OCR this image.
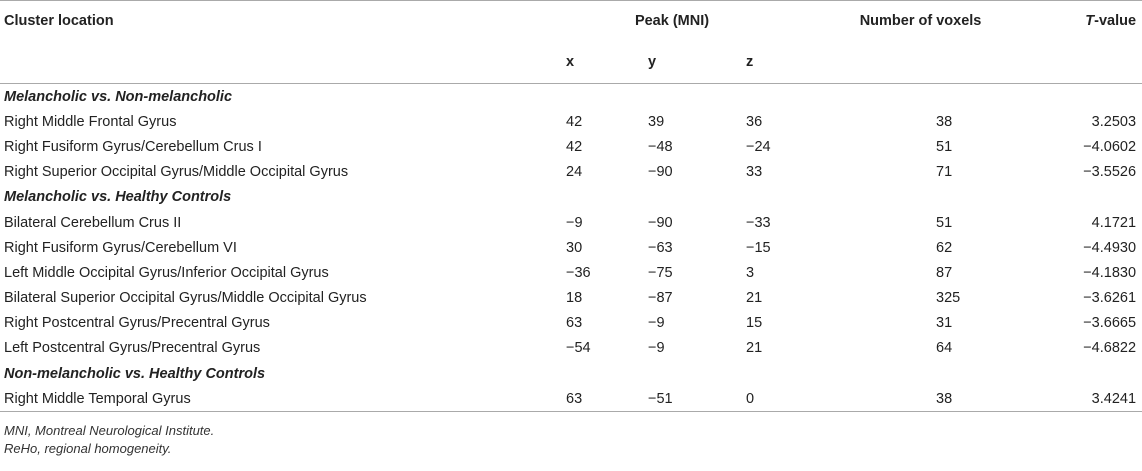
Cluster location	Peak (MNI)			Number of voxels	T-value
	x	y	z		
Melancholic vs. Non-melancholic					
Right Middle Frontal Gyrus	42	39	36	38	3.2503
Right Fusiform Gyrus/Cerebellum Crus I	42	−48	−24	51	−4.0602
Right Superior Occipital Gyrus/Middle Occipital Gyrus	24	−90	33	71	−3.5526
Melancholic vs. Healthy Controls					
Bilateral Cerebellum Crus II	−9	−90	−33	51	4.1721
Right Fusiform Gyrus/Cerebellum VI	30	−63	−15	62	−4.4930
Left Middle Occipital Gyrus/Inferior Occipital Gyrus	−36	−75	3	87	−4.1830
Bilateral Superior Occipital Gyrus/Middle Occipital Gyrus	18	−87	21	325	−3.6261
Right Postcentral Gyrus/Precentral Gyrus	63	−9	15	31	−3.6665
Left Postcentral Gyrus/Precentral Gyrus	−54	−9	21	64	−4.6822
Non-melancholic vs. Healthy Controls					
Right Middle Temporal Gyrus	63	−51	0	38	3.4241
MNI, Montreal Neurological Institute.
ReHo, regional homogeneity.
